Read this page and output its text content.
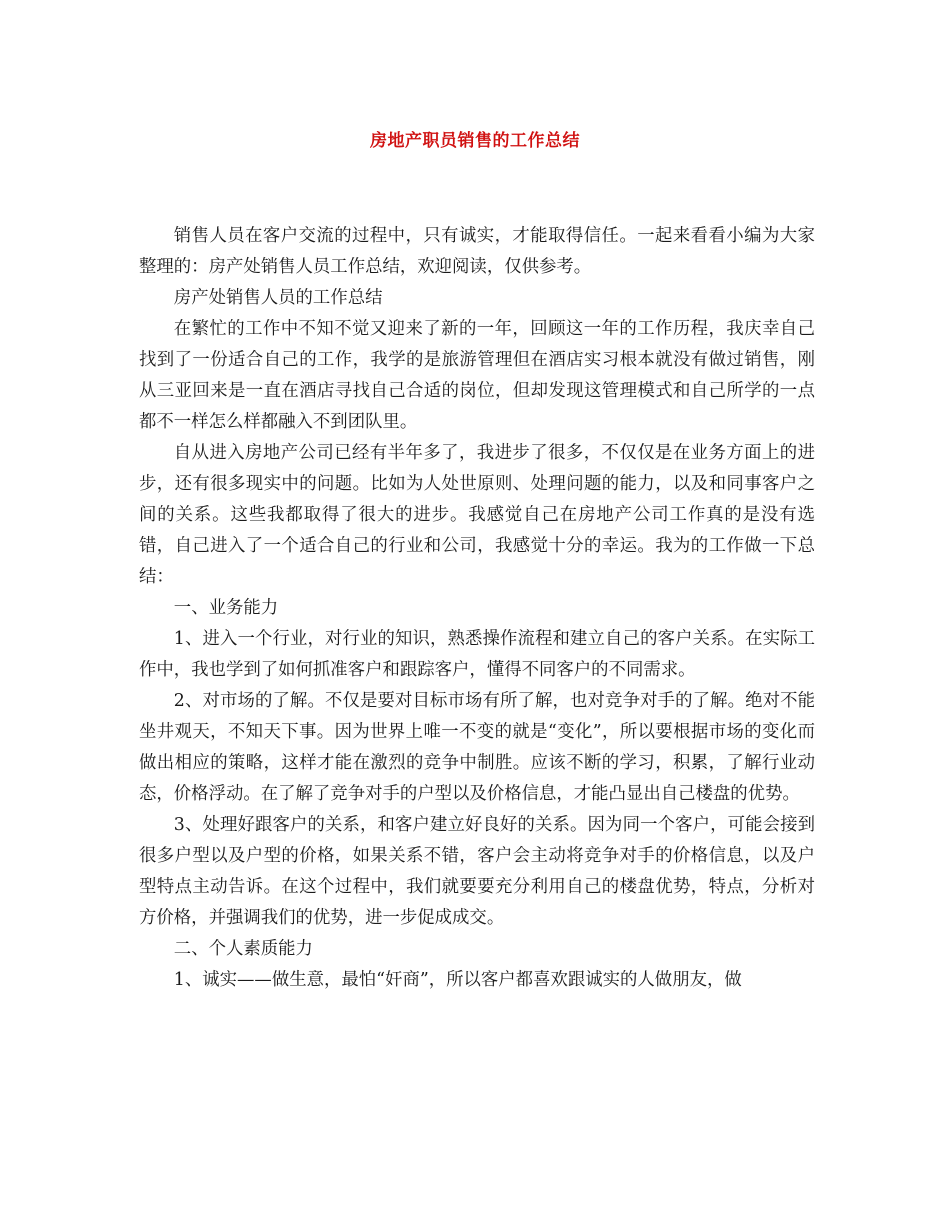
房地产职员销售的工作总结

销售人员在客户交流的过程中，只有诚实，才能取得信任。一起来看看小编为大家整理的：房产处销售人员工作总结，欢迎阅读，仅供参考。

房产处销售人员的工作总结

在繁忙的工作中不知不觉又迎来了新的一年，回顾这一年的工作历程，我庆幸自己找到了一份适合自己的工作，我学的是旅游管理但在酒店实习根本就没有做过销售，刚从三亚回来是一直在酒店寻找自己合适的岗位，但却发现这管理模式和自己所学的一点都不一样怎么样都融入不到团队里。

自从进入房地产公司已经有半年多了，我进步了很多，不仅仅是在业务方面上的进步，还有很多现实中的问题。比如为人处世原则、处理问题的能力，以及和同事客户之间的关系。这些我都取得了很大的进步。我感觉自己在房地产公司工作真的是没有选错，自己进入了一个适合自己的行业和公司，我感觉十分的幸运。我为的工作做一下总结：

一、业务能力

1、进入一个行业，对行业的知识，熟悉操作流程和建立自己的客户关系。在实际工作中，我也学到了如何抓准客户和跟踪客户，懂得不同客户的不同需求。

2、对市场的了解。不仅是要对目标市场有所了解，也对竞争对手的了解。绝对不能坐井观天，不知天下事。因为世界上唯一不变的就是“变化”，所以要根据市场的变化而做出相应的策略，这样才能在激烈的竞争中制胜。应该不断的学习，积累，了解行业动态，价格浮动。在了解了竞争对手的户型以及价格信息，才能凸显出自己楼盘的优势。

3、处理好跟客户的关系，和客户建立好良好的关系。因为同一个客户，可能会接到很多户型以及户型的价格，如果关系不错，客户会主动将竞争对手的价格信息，以及户型特点主动告诉。在这个过程中，我们就要要充分利用自己的楼盘优势，特点，分析对方价格，并强调我们的优势，进一步促成成交。

二、个人素质能力

1、诚实——做生意，最怕“奸商”，所以客户都喜欢跟诚实的人做朋友，做
